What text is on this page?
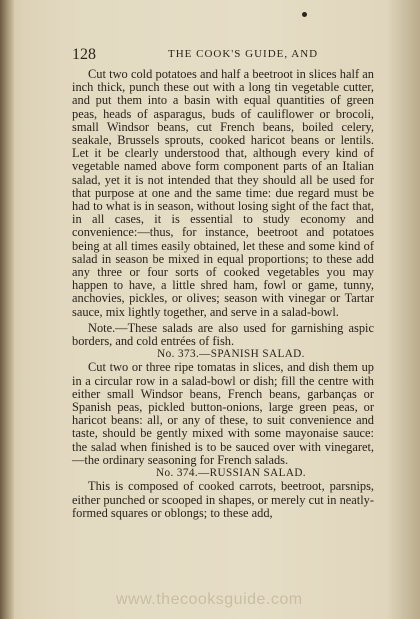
128	THE COOK'S GUIDE, AND

Cut two cold potatoes and half a beetroot in slices half an inch thick, punch these out with a long tin vegetable cutter, and put them into a basin with equal quantities of green peas, heads of asparagus, buds of cauliflower or brocoli, small Windsor beans, cut French beans, boiled celery, seakale, Brussels sprouts, cooked haricot beans or lentils. Let it be clearly understood that, although every kind of vegetable named above form component parts of an Italian salad, yet it is not intended that they should all be used for that purpose at one and the same time: due regard must be had to what is in season, without losing sight of the fact that, in all cases, it is essential to study economy and convenience:—thus, for instance, beetroot and potatoes being at all times easily obtained, let these and some kind of salad in season be mixed in equal proportions; to these add any three or four sorts of cooked vegetables you may happen to have, a little shred ham, fowl or game, tunny, anchovies, pickles, or olives; season with vinegar or Tartar sauce, mix lightly together, and serve in a salad-bowl.

Note.—These salads are also used for garnishing aspic borders, and cold entrées of fish.

No. 373.—SPANISH SALAD.

Cut two or three ripe tomatas in slices, and dish them up in a circular row in a salad-bowl or dish; fill the centre with either small Windsor beans, French beans, garbanças or Spanish peas, pickled button-onions, large green peas, or haricot beans: all, or any of these, to suit convenience and taste, should be gently mixed with some mayonaise sauce: the salad when finished is to be sauced over with vinegaret,—the ordinary seasoning for French salads.

No. 374.—RUSSIAN SALAD.

This is composed of cooked carrots, beetroot, parsnips, either punched or scooped in shapes, or merely cut in neatly-formed squares or oblongs; to these add,

www.thecooksguide.com
